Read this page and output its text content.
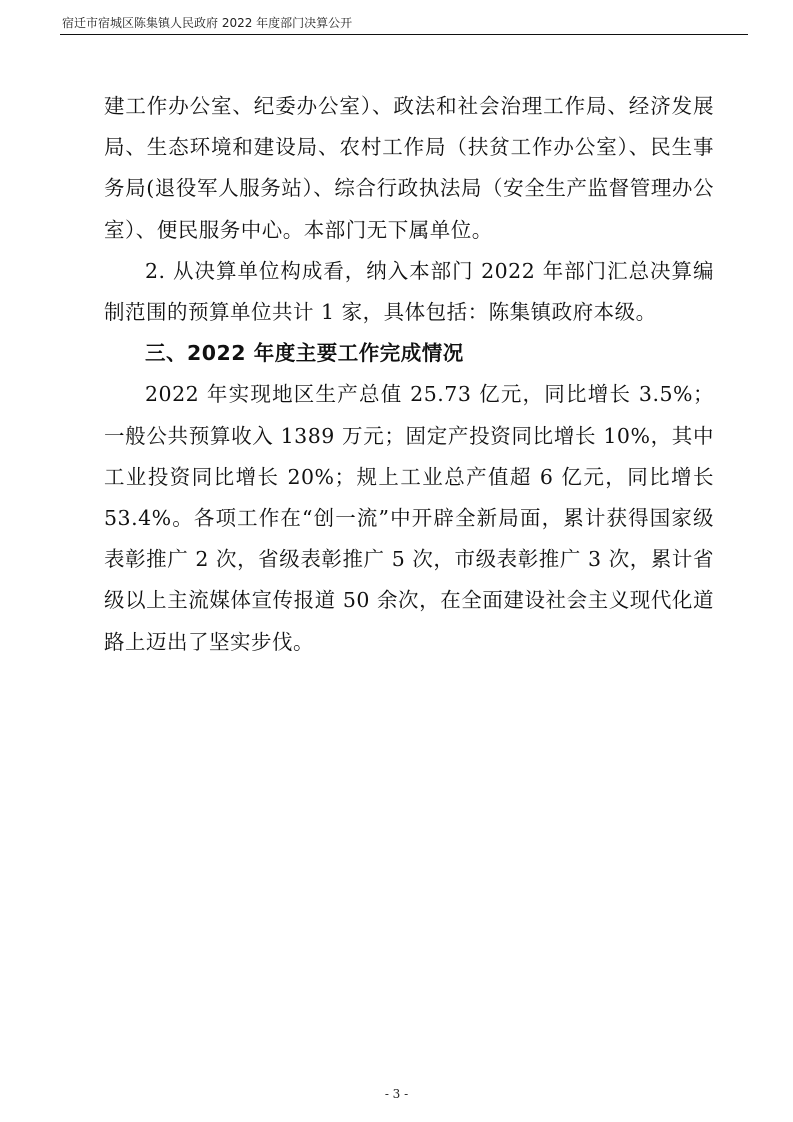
宿迁市宿城区陈集镇人民政府 2022 年度部门决算公开

建工作办公室、纪委办公室）、政法和社会治理工作局、经济发展局、生态环境和建设局、农村工作局（扶贫工作办公室）、民生事务局(退役军人服务站）、综合行政执法局（安全生产监督管理办公室）、便民服务中心。本部门无下属单位。

2. 从决算单位构成看，纳入本部门 2022 年部门汇总决算编制范围的预算单位共计 1 家，具体包括：陈集镇政府本级。

三、2022 年度主要工作完成情况

2022 年实现地区生产总值 25.73 亿元，同比增长 3.5%；一般公共预算收入 1389 万元；固定产投资同比增长 10%，其中工业投资同比增长 20%；规上工业总产值超 6 亿元，同比增长 53.4%。各项工作在“创一流”中开辟全新局面，累计获得国家级表彰推广 2 次，省级表彰推广 5 次，市级表彰推广 3 次，累计省级以上主流媒体宣传报道 50 余次，在全面建设社会主义现代化道路上迈出了坚实步伐。

- 3 -
